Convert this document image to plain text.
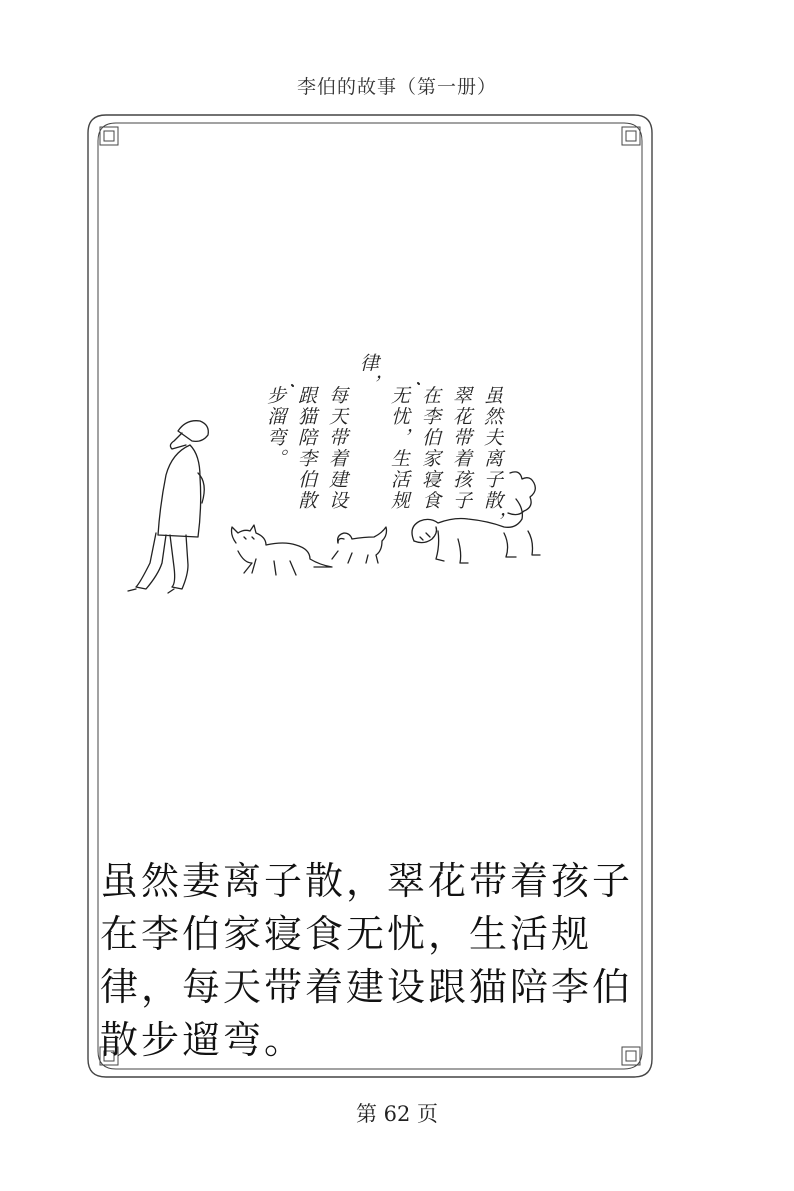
李伯的故事（第一册）

虽然夫离子散，
翠花带着孩子
在李伯家寝食
无忧，生活规律，
每天带着建设
跟猫陪李伯散
步溜弯。

虽然妻离子散，翠花带着孩子在李伯家寝食无忧，生活规律，每天带着建设跟猫陪李伯散步遛弯。
第 62 页
